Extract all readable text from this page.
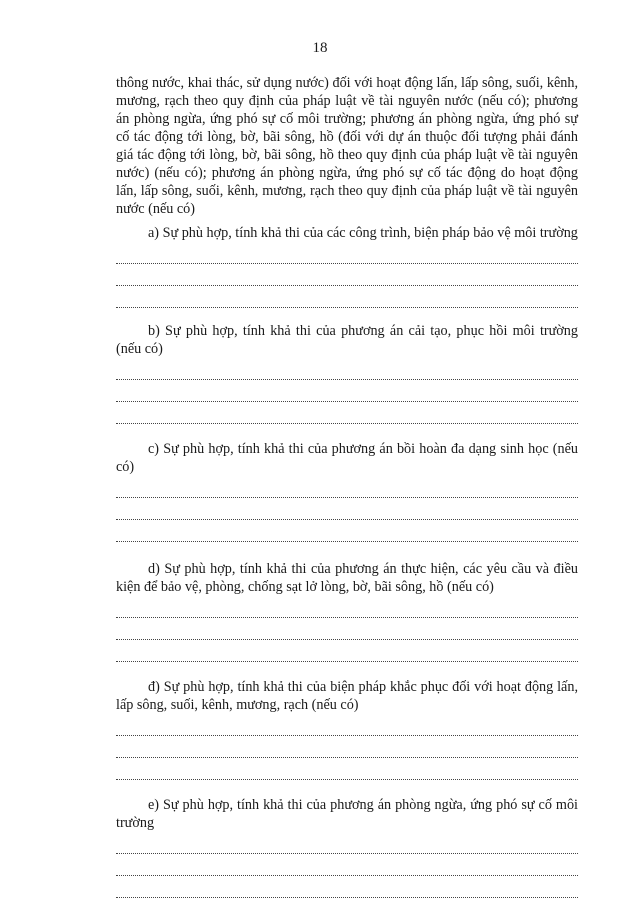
18

thông nước, khai thác, sử dụng nước) đối với hoạt động lấn, lấp sông, suối, kênh, mương, rạch theo quy định của pháp luật về tài nguyên nước (nếu có); phương án phòng ngừa, ứng phó sự cố môi trường; phương án phòng ngừa, ứng phó sự cố tác động tới lòng, bờ, bãi sông, hồ (đối với dự án thuộc đối tượng phải đánh giá tác động tới lòng, bờ, bãi sông, hồ theo quy định của pháp luật về tài nguyên nước) (nếu có); phương án phòng ngừa, ứng phó sự cố tác động do hoạt động lấn, lấp sông, suối, kênh, mương, rạch theo quy định của pháp luật về tài nguyên nước (nếu có)

a) Sự phù hợp, tính khả thi của các công trình, biện pháp bảo vệ môi trường

b) Sự phù hợp, tính khả thi của phương án cải tạo, phục hồi môi trường (nếu có)

c) Sự phù hợp, tính khả thi của phương án bồi hoàn đa dạng sinh học (nếu có)

d) Sự phù hợp, tính khả thi của phương án thực hiện, các yêu cầu và điều kiện để bảo vệ, phòng, chống sạt lở lòng, bờ, bãi sông, hồ (nếu có)

đ) Sự phù hợp, tính khả thi của biện pháp khắc phục đối với hoạt động lấn, lấp sông, suối, kênh, mương, rạch (nếu có)

e) Sự phù hợp, tính khả thi của phương án phòng ngừa, ứng phó sự cố môi trường
